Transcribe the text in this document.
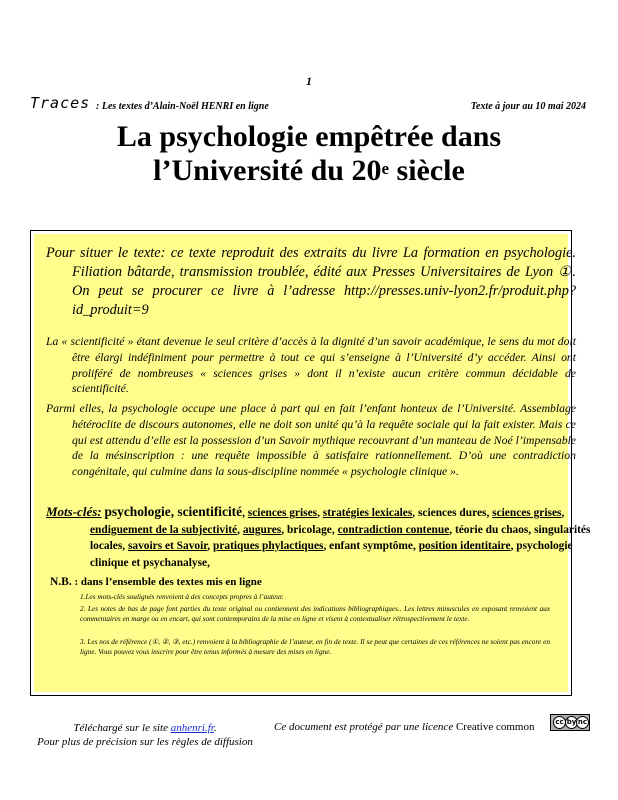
1
Traces : Les textes d’Alain-Noël HENRI en ligne	Texte à jour au 10 mai 2024
La psychologie empêtrée dans
l’Université du 20e siècle
Pour situer le texte: ce texte reproduit des extraits du livre La formation en psychologie. Filiation bâtarde, transmission troublée, édité aux Presses Universitaires de Lyon ①. On peut se procurer ce livre à l’adresse http://presses.univ-lyon2.fr/produit.php?id_produit=9
La « scientificité » étant devenue le seul critère d’accès à la dignité d’un savoir académique, le sens du mot doit être élargi indéfiniment pour permettre à tout ce qui s’enseigne à l’Université d’y accéder. Ainsi ont proliféré de nombreuses « sciences grises » dont il n’existe aucun critère commun décidable de scientificité.
Parmi elles, la psychologie occupe une place à part qui en fait l’enfant honteux de l’Université. Assemblage hétéroclite de discours autonomes, elle ne doit son unité qu’à la requête sociale qui la fait exister. Mais ce qui est attendu d’elle est la possession d’un Savoir mythique recouvrant d’un manteau de Noé l’impensable de la mésinscription : une requête impossible à satisfaire rationnellement. D’où une contradiction congénitale, qui culmine dans la sous-discipline nommée « psychologie clinique ».
Mots-clés: psychologie, scientificité, sciences grises, stratégies lexicales, sciences dures, sciences grises, endiguement de la subjectivité, augures, bricolage, contradiction contenue, téorie du chaos, singularités locales, savoirs et Savoir, pratiques phylactiques, enfant symptôme, position identitaire, psychologie clinique et psychanalyse,
N.B. : dans l’ensemble des textes mis en ligne
1.Les mots-clés soulignés renvoient à des concepts propres à l’auteur.
2. Les notes de bas de page font parties du texte original ou contiennent des indications bibliographiques.. Les lettres minuscules en exposant renvoient aux commentaires en marge ou en encart, qui sont contemporains de la mise en ligne et visent à contextualiser rétrospectivement le texte.
3. Les nos de référence (①, ②, ③, etc.) renvoient à la bibliographie de l’auteur, en fin de texte. Il se peut que certaines de ces références ne soient pas encore en ligne. Vous pouvez vous inscrire pour être tenus informés à mesure des mises en ligne.
Téléchargé sur le site anhenri.fr.
Pour plus de précision sur les règles de diffusion
Ce document est protégé par une licence Creative common	cc by nc
